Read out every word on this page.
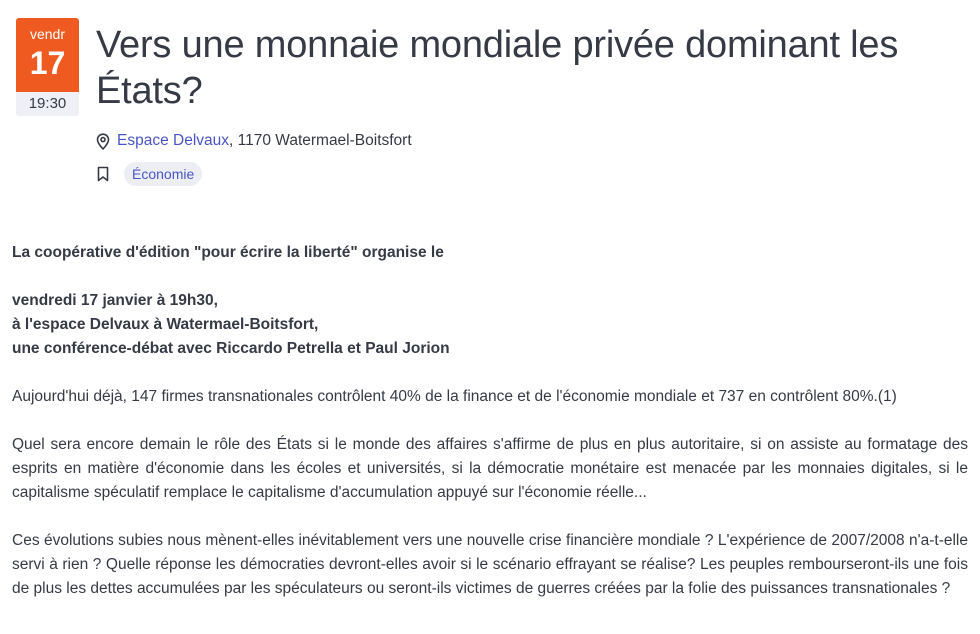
vendr
17
19:30
Vers une monnaie mondiale privée dominant les États?
Espace Delvaux , 1170 Watermael-Boitsfort
Économie

La coopérative d'édition "pour écrire la liberté" organise le

vendredi 17 janvier à 19h30,
à l'espace Delvaux à Watermael-Boitsfort,
une conférence-débat avec Riccardo Petrella et Paul Jorion

Aujourd'hui déjà, 147 firmes transnationales contrôlent 40% de la finance et de l'économie mondiale et 737 en contrôlent 80%.(1)

Quel sera encore demain le rôle des États si le monde des affaires s'affirme de plus en plus autoritaire, si on assiste au formatage des esprits en matière d'économie dans les écoles et universités, si la démocratie monétaire est menacée par les monnaies digitales, si le capitalisme spéculatif remplace le capitalisme d'accumulation appuyé sur l'économie réelle...

Ces évolutions subies nous mènent-elles inévitablement vers une nouvelle crise financière mondiale ? L'expérience de 2007/2008 n'a-t-elle servi à rien ? Quelle réponse les démocraties devront-elles avoir si le scénario effrayant se réalise? Les peuples rembourseront-ils une fois de plus les dettes accumulées par les spéculateurs ou seront-ils victimes de guerres créées par la folie des puissances transnationales ?
